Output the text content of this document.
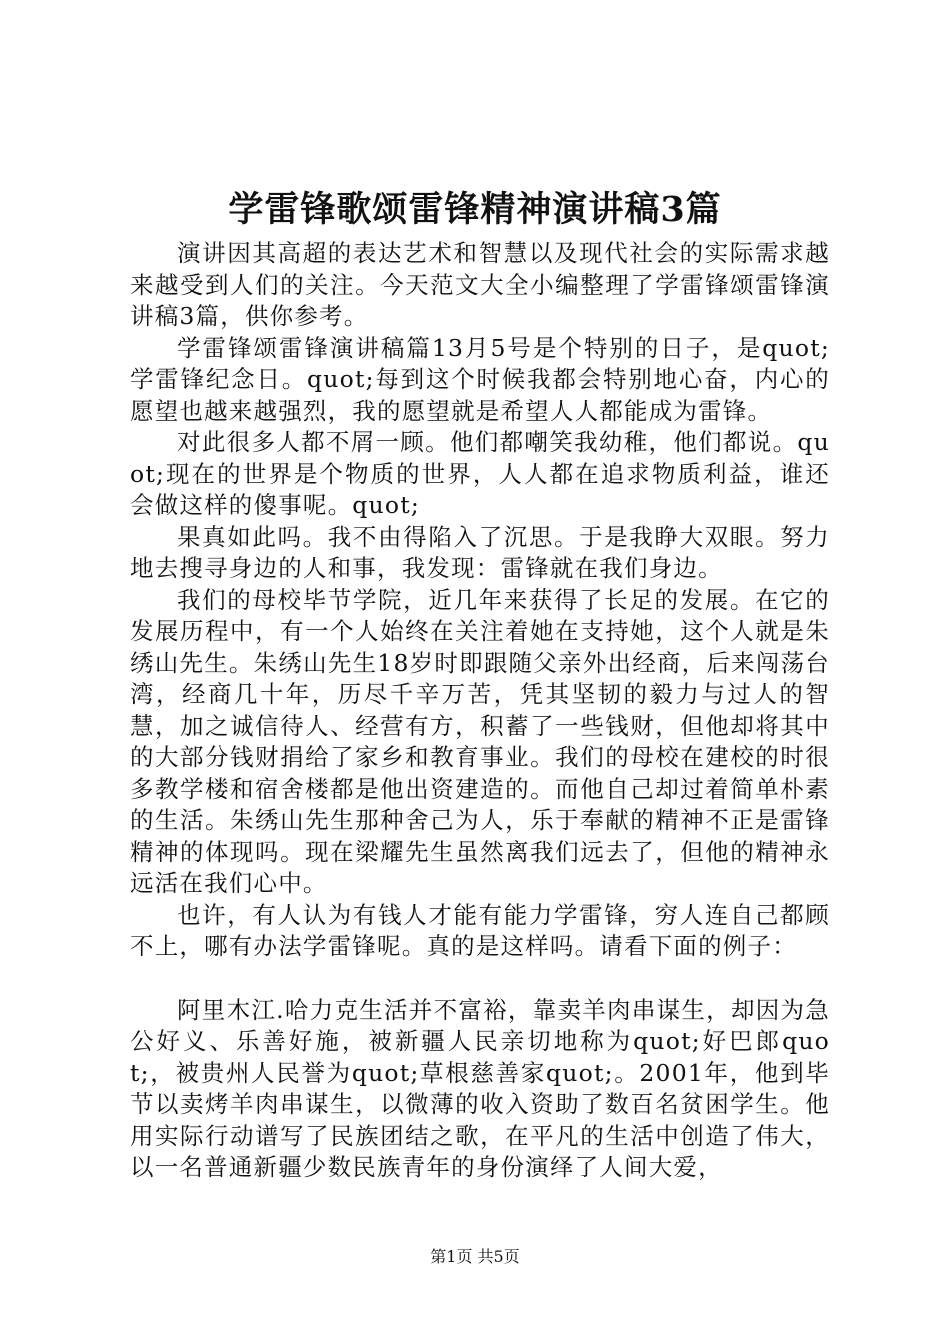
学雷锋歌颂雷锋精神演讲稿3篇

演讲因其高超的表达艺术和智慧以及现代社会的实际需求越来越受到人们的关注。今天范文大全小编整理了学雷锋颂雷锋演讲稿3篇，供你参考。

学雷锋颂雷锋演讲稿篇13月5号是个特别的日子，是quot;学雷锋纪念日。quot;每到这个时候我都会特别地心奋，内心的愿望也越来越强烈，我的愿望就是希望人人都能成为雷锋。

对此很多人都不屑一顾。他们都嘲笑我幼稚，他们都说。quot;现在的世界是个物质的世界，人人都在追求物质利益，谁还会做这样的傻事呢。quot;

果真如此吗。我不由得陷入了沉思。于是我睁大双眼。努力地去搜寻身边的人和事，我发现：雷锋就在我们身边。

我们的母校毕节学院，近几年来获得了长足的发展。在它的发展历程中，有一个人始终在关注着她在支持她，这个人就是朱绣山先生。朱绣山先生18岁时即跟随父亲外出经商，后来闯荡台湾，经商几十年，历尽千辛万苦，凭其坚韧的毅力与过人的智慧，加之诚信待人、经营有方，积蓄了一些钱财，但他却将其中的大部分钱财捐给了家乡和教育事业。我们的母校在建校的时很多教学楼和宿舍楼都是他出资建造的。而他自己却过着简单朴素的生活。朱绣山先生那种舍己为人，乐于奉献的精神不正是雷锋精神的体现吗。现在梁耀先生虽然离我们远去了，但他的精神永远活在我们心中。

也许，有人认为有钱人才能有能力学雷锋，穷人连自己都顾不上，哪有办法学雷锋呢。真的是这样吗。请看下面的例子：

阿里木江.哈力克生活并不富裕，靠卖羊肉串谋生，却因为急公好义、乐善好施，被新疆人民亲切地称为quot;好巴郎quot;，被贵州人民誉为quot;草根慈善家quot;。2001年，他到毕节以卖烤羊肉串谋生，以微薄的收入资助了数百名贫困学生。他用实际行动谱写了民族团结之歌，在平凡的生活中创造了伟大，以一名普通新疆少数民族青年的身份演绎了人间大爱，

第1页 共5页
